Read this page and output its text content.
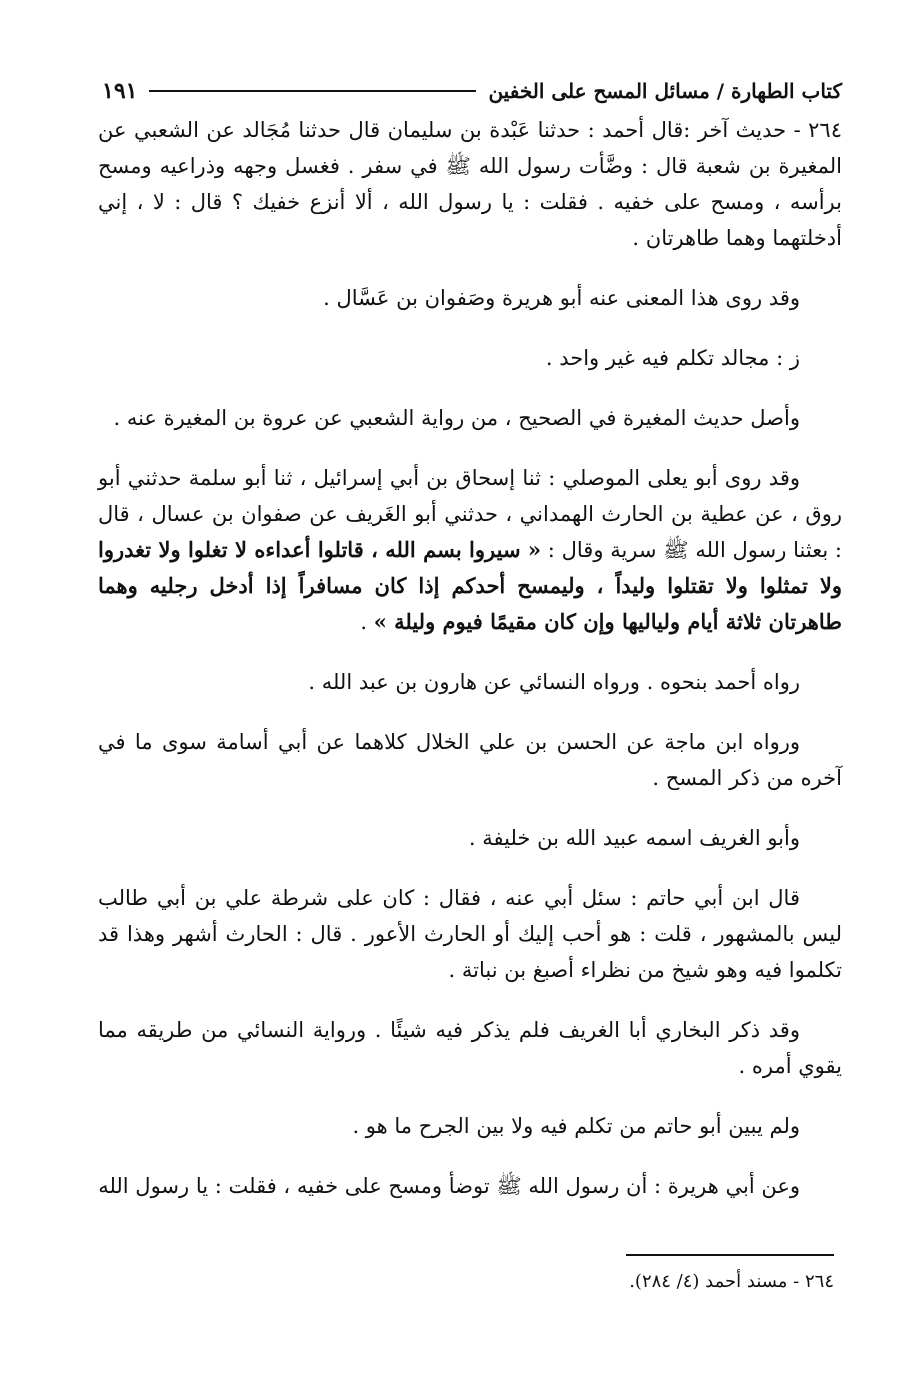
كتاب الطهارة / مسائل المسح على الخفين
١٩١

٢٦٤ - حديث آخر :قال أحمد : حدثنا عَبْدة بن سليمان قال حدثنا مُجَالد عن الشعبي عن المغيرة بن شعبة قال : وضَّأت رسول الله ﷺ في سفر . فغسل وجهه وذراعيه ومسح برأسه ، ومسح على خفيه . فقلت : يا رسول الله ، ألا أنزع خفيك ؟ قال : لا ، إني أدخلتهما وهما طاهرتان .

وقد روى هذا المعنى عنه أبو هريرة وصَفوان بن عَسَّال .

ز : مجالد تكلم فيه غير واحد .

وأصل حديث المغيرة في الصحيح ، من رواية الشعبي عن عروة بن المغيرة عنه .

وقد روى أبو يعلى الموصلي : ثنا إسحاق بن أبي إسرائيل ، ثنا أبو سلمة حدثني أبو روق ، عن عطية بن الحارث الهمداني ، حدثني أبو الغَريف عن صفوان بن عسال ، قال : بعثنا رسول الله ﷺ سرية وقال : « سيروا بسم الله ، قاتلوا أعداءه لا تغلوا ولا تغدروا ولا تمثلوا ولا تقتلوا وليداً ، وليمسح أحدكم إذا كان مسافراً إذا أدخل رجليه وهما طاهرتان ثلاثة أيام ولياليها وإن كان مقيمًا فيوم وليلة » .

رواه أحمد بنحوه . ورواه النسائي عن هارون بن عبد الله .

ورواه ابن ماجة عن الحسن بن علي الخلال كلاهما عن أبي أسامة سوى ما في آخره من ذكر المسح .

وأبو الغريف اسمه عبيد الله بن خليفة .

قال ابن أبي حاتم : سئل أبي عنه ، فقال : كان على شرطة علي بن أبي طالب ليس بالمشهور ، قلت : هو أحب إليك أو الحارث الأعور . قال : الحارث أشهر وهذا قد تكلموا فيه وهو شيخ من نظراء أصبغ بن نباتة .

وقد ذكر البخاري أبا الغريف فلم يذكر فيه شيئًا . ورواية النسائي من طريقه مما يقوي أمره .

ولم يبين أبو حاتم من تكلم فيه ولا بين الجرح ما هو .

وعن أبي هريرة : أن رسول الله ﷺ توضأ ومسح على خفيه ، فقلت : يا رسول الله

٢٦٤ - مسند أحمد (٤/ ٢٨٤).
